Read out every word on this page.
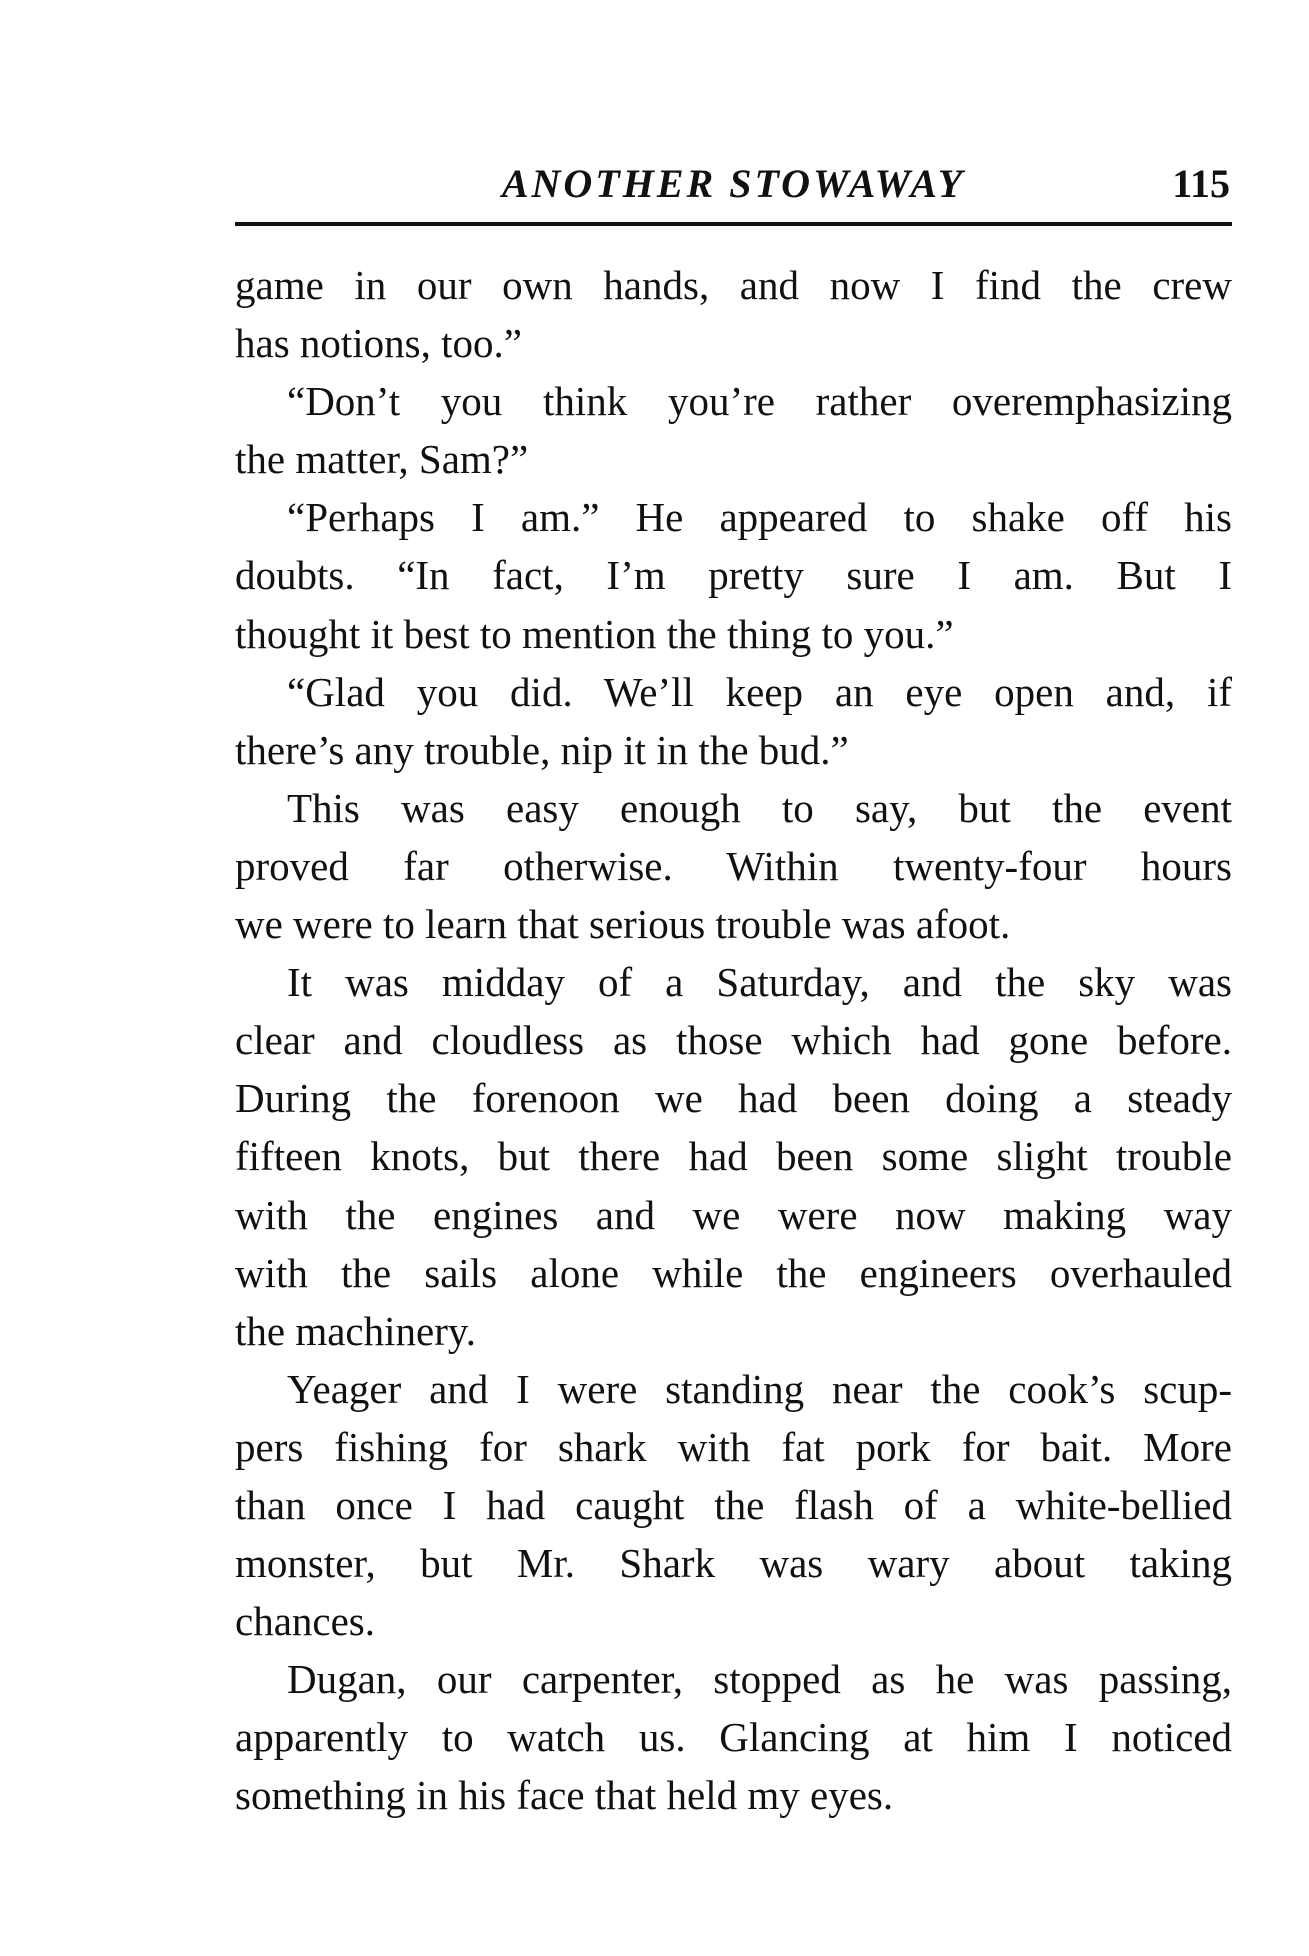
ANOTHER STOWAWAY	115
game in our own hands, and now I find the crew
has notions, too.”
“Don’t you think you’re rather overemphasizing
the matter, Sam?”
“Perhaps I am.” He appeared to shake off his
doubts. “In fact, I’m pretty sure I am. But I
thought it best to mention the thing to you.”
“Glad you did. We’ll keep an eye open and, if
there’s any trouble, nip it in the bud.”
This was easy enough to say, but the event
proved far otherwise. Within twenty-four hours
we were to learn that serious trouble was afoot.
It was midday of a Saturday, and the sky was
clear and cloudless as those which had gone before.
During the forenoon we had been doing a steady
fifteen knots, but there had been some slight trouble
with the engines and we were now making way
with the sails alone while the engineers overhauled
the machinery.
Yeager and I were standing near the cook’s scup-
pers fishing for shark with fat pork for bait. More
than once I had caught the flash of a white-bellied
monster, but Mr. Shark was wary about taking
chances.
Dugan, our carpenter, stopped as he was passing,
apparently to watch us. Glancing at him I noticed
something in his face that held my eyes.
